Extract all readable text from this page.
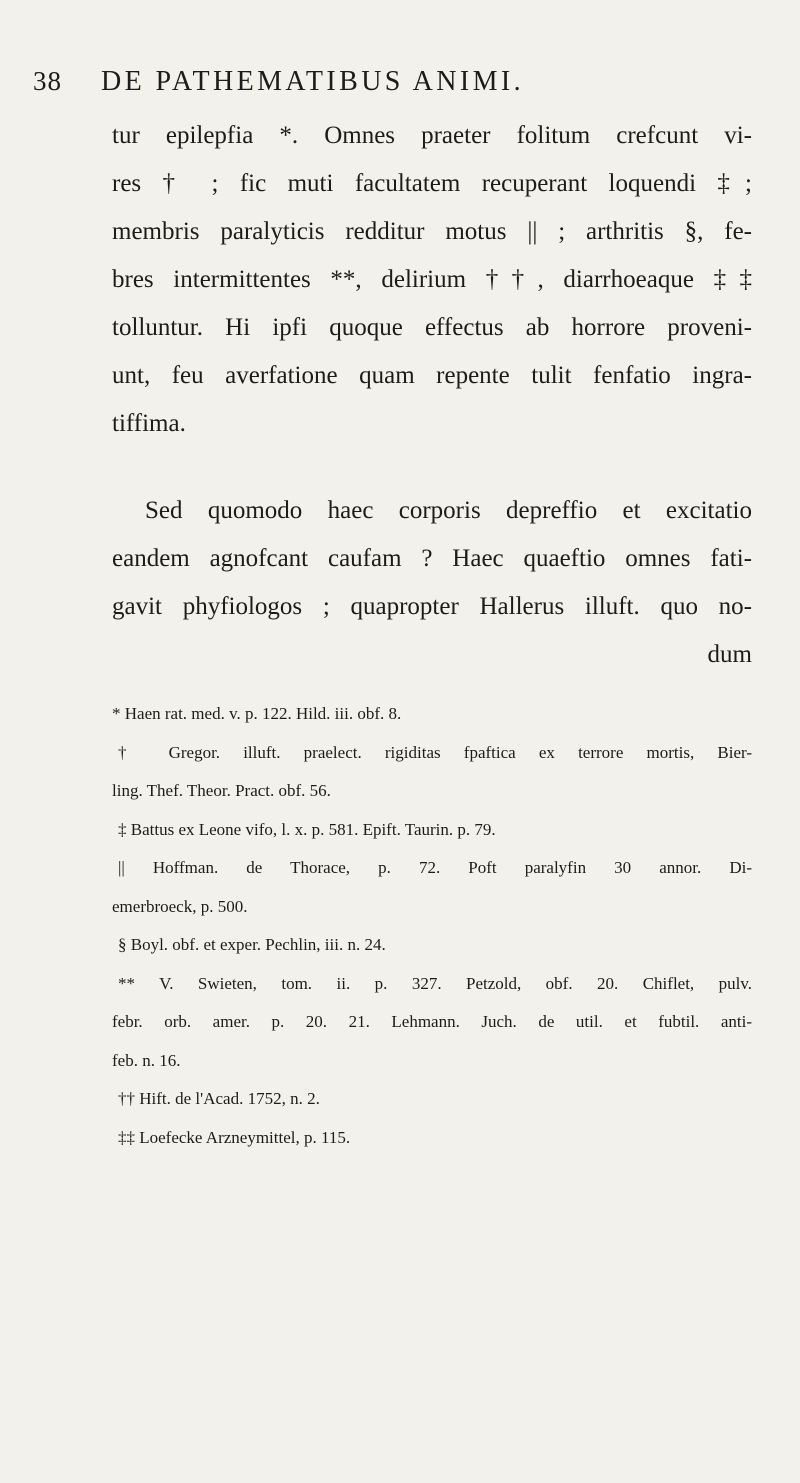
38 DE PATHEMATIBUS ANIMI.
tur epilepfia *. Omnes praeter folitum crefcunt vi-
res † ; fic muti facultatem recuperant loquendi ‡;
membris paralyticis redditur motus || ; arthritis §, fe-
bres intermittentes **, delirium ††, diarrhoeaque ‡‡
tolluntur. Hi ipfi quoque effectus ab horrore proveni-
unt, feu averfatione quam repente tulit fenfatio ingra-
tiffima.
Sed quomodo haec corporis depreffio et excitatio
eandem agnofcant caufam ? Haec quaeftio omnes fati-
gavit phyfiologos ; quapropter Hallerus illuft. quo no-
dum
* Haen rat. med. v. p. 122. Hild. iii. obf. 8.
† Gregor. illuft. praelect. rigiditas fpaftica ex terrore mortis, Bier-
ling. Thef. Theor. Pract. obf. 56.
‡ Battus ex Leone vifo, l. x. p. 581. Epift. Taurin. p. 79.
|| Hoffman. de Thorace, p. 72. Poft paralyfin 30 annor. Di-
emerbroeck, p. 500.
§ Boyl. obf. et exper. Pechlin, iii. n. 24.
** V. Swieten, tom. ii. p. 327. Petzold, obf. 20. Chiflet, pulv.
febr. orb. amer. p. 20. 21. Lehmann. Juch. de util. et fubtil. anti-
feb. n. 16.
†† Hift. de l'Acad. 1752, n. 2.
‡‡ Loefecke Arzneymittel, p. 115.
